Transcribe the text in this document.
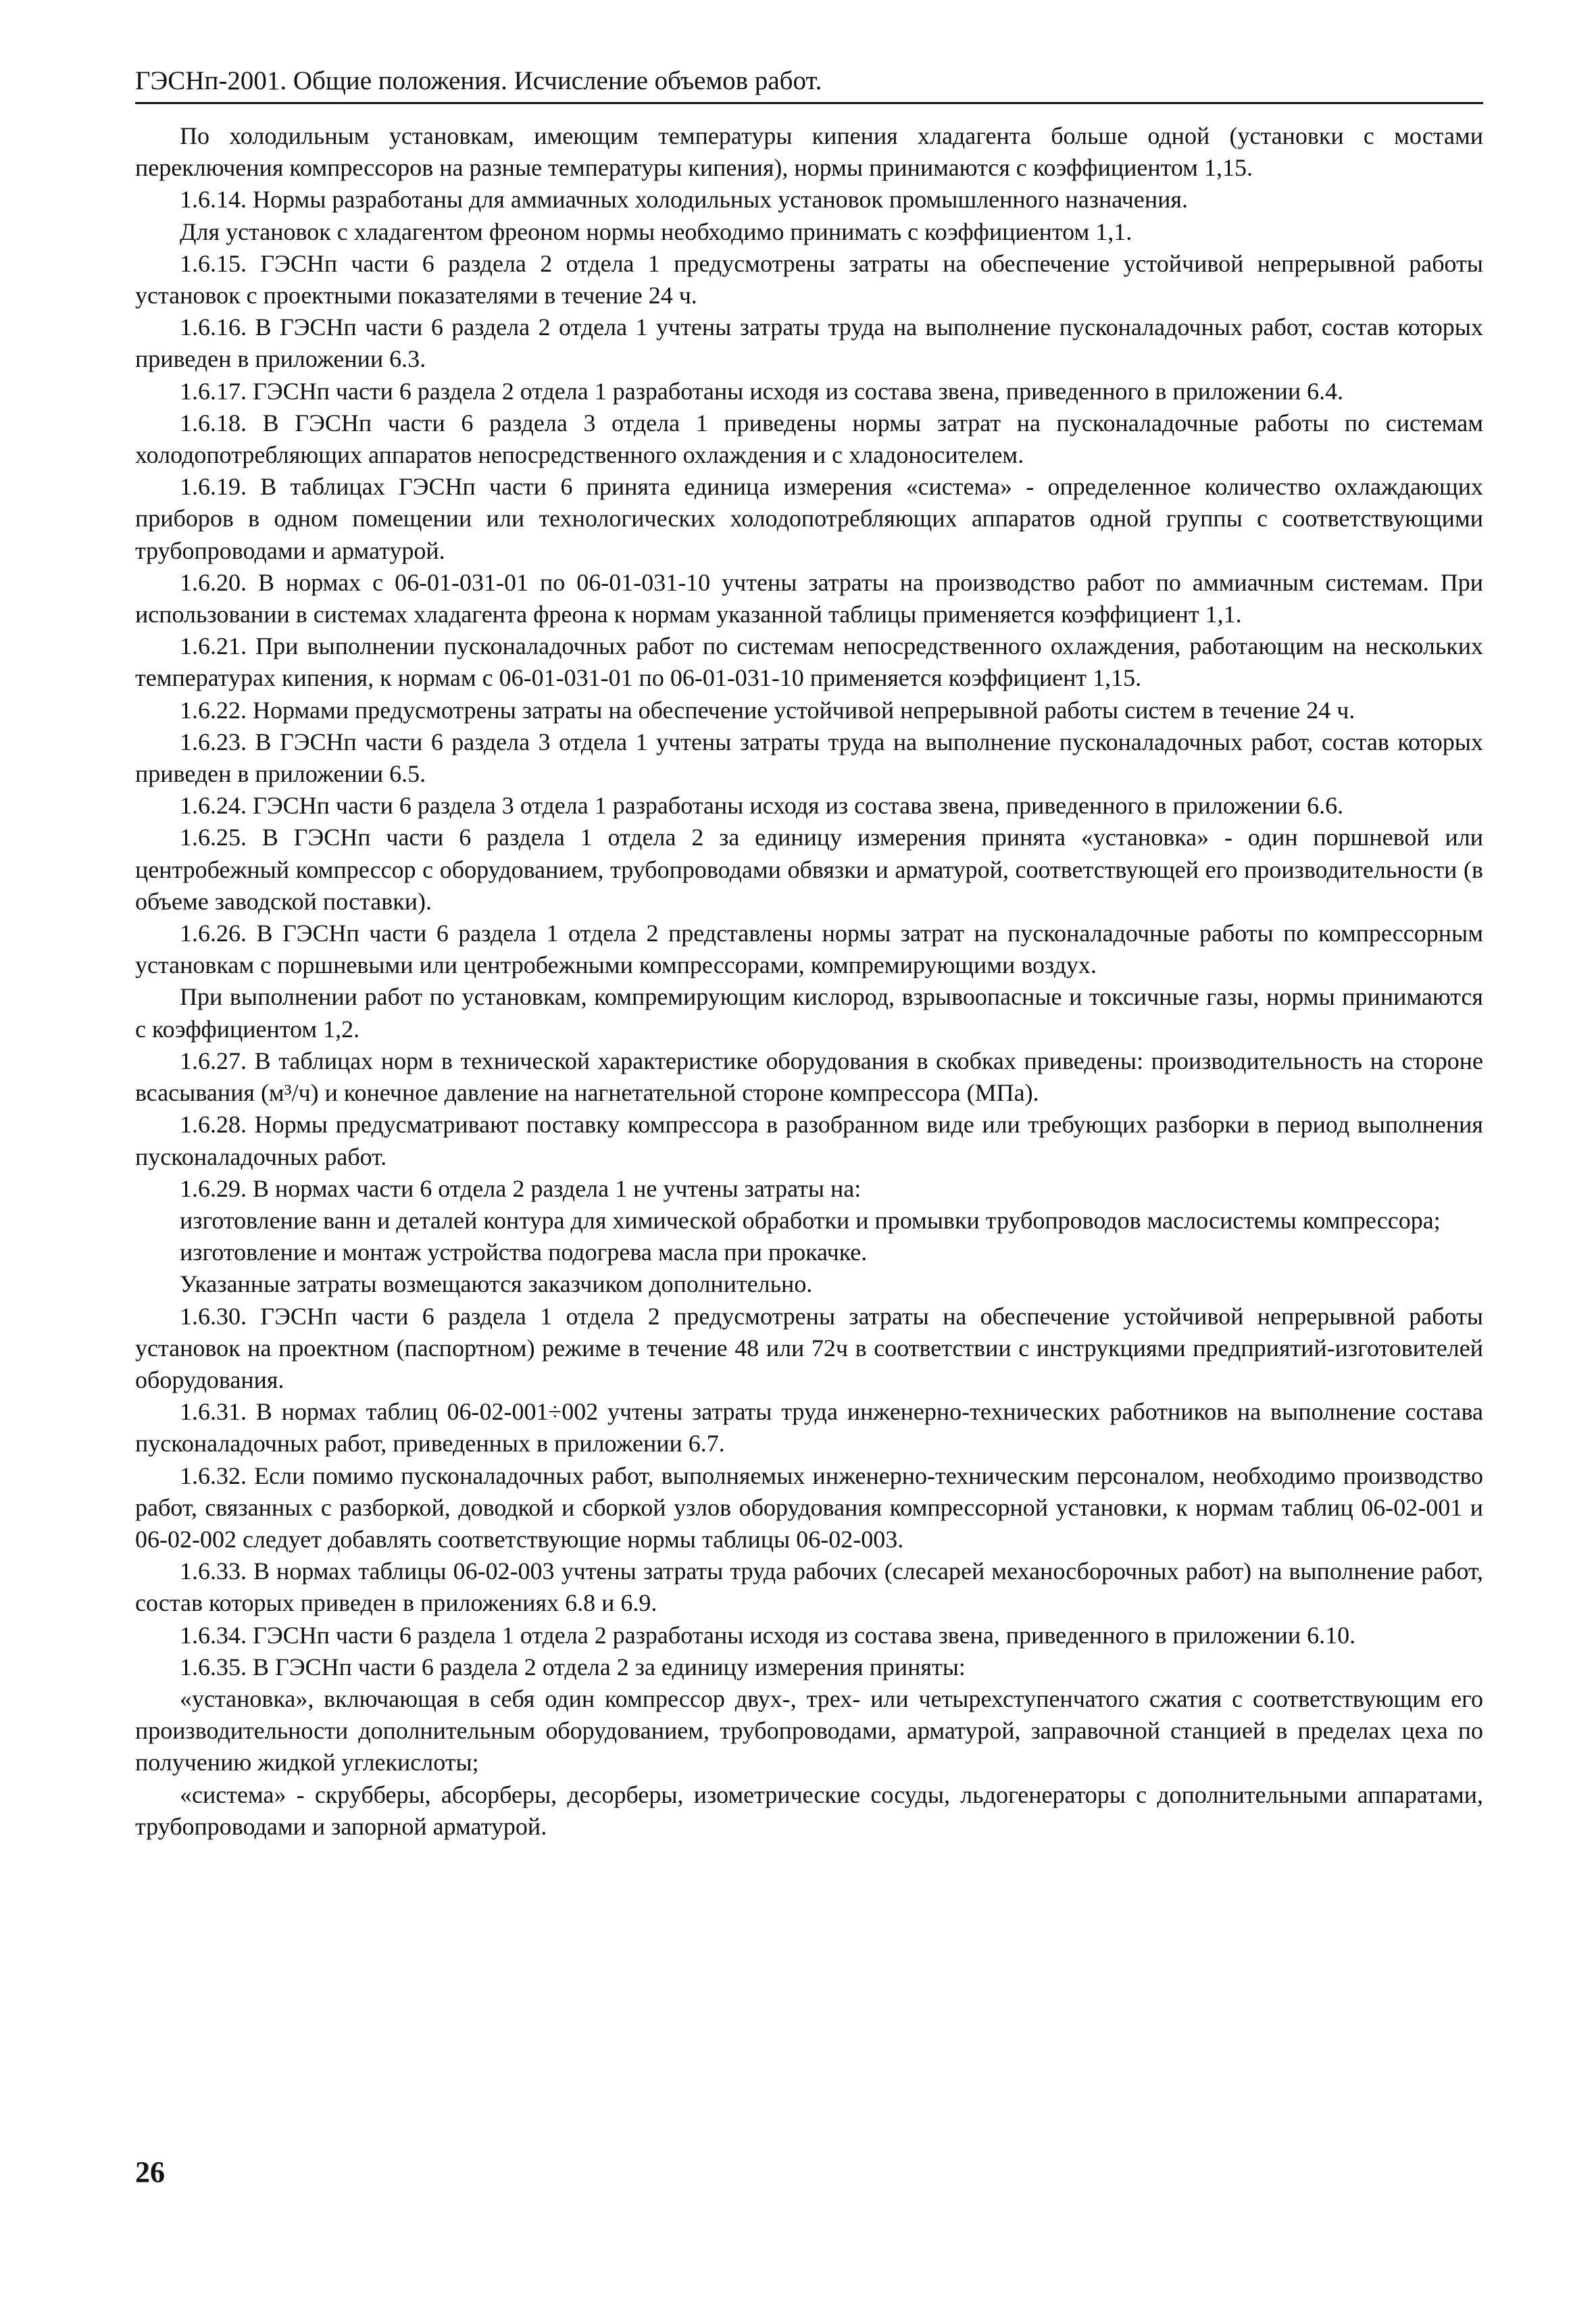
ГЭСНп-2001. Общие положения. Исчисление объемов работ.

По холодильным установкам, имеющим температуры кипения хладагента больше одной (установки с мостами переключения компрессоров на разные температуры кипения), нормы принимаются с коэффициентом 1,15.

1.6.14. Нормы разработаны для аммиачных холодильных установок промышленного назначения.

Для установок с хладагентом фреоном нормы необходимо принимать с коэффициентом 1,1.

1.6.15. ГЭСНп части 6 раздела 2 отдела 1 предусмотрены затраты на обеспечение устойчивой непрерывной работы установок с проектными показателями в течение 24 ч.

1.6.16. В ГЭСНп части 6 раздела 2 отдела 1 учтены затраты труда на выполнение пусконаладочных работ, состав которых приведен в приложении 6.3.

1.6.17. ГЭСНп части 6 раздела 2 отдела 1 разработаны исходя из состава звена, приведенного в приложении 6.4.

1.6.18. В ГЭСНп части 6 раздела 3 отдела 1 приведены нормы затрат на пусконаладочные работы по системам холодопотребляющих аппаратов непосредственного охлаждения и с хладоносителем.

1.6.19. В таблицах ГЭСНп части 6 принята единица измерения «система» - определенное количество охлаждающих приборов в одном помещении или технологических холодопотребляющих аппаратов одной группы с соответствующими трубопроводами и арматурой.

1.6.20. В нормах с 06-01-031-01 по 06-01-031-10 учтены затраты на производство работ по аммиачным системам. При использовании в системах хладагента фреона к нормам указанной таблицы применяется коэффициент 1,1.

1.6.21. При выполнении пусконаладочных работ по системам непосредственного охлаждения, работающим на нескольких температурах кипения, к нормам с 06-01-031-01 по 06-01-031-10 применяется коэффициент 1,15.

1.6.22. Нормами предусмотрены затраты на обеспечение устойчивой непрерывной работы систем в течение 24 ч.

1.6.23. В ГЭСНп части 6 раздела 3 отдела 1 учтены затраты труда на выполнение пусконаладочных работ, состав которых приведен в приложении 6.5.

1.6.24. ГЭСНп части 6 раздела 3 отдела 1 разработаны исходя из состава звена, приведенного в приложении 6.6.

1.6.25. В ГЭСНп части 6 раздела 1 отдела 2 за единицу измерения принята «установка» - один поршневой или центробежный компрессор с оборудованием, трубопроводами обвязки и арматурой, соответствующей его производительности (в объеме заводской поставки).

1.6.26. В ГЭСНп части 6 раздела 1 отдела 2 представлены нормы затрат на пусконаладочные работы по компрессорным установкам с поршневыми или центробежными компрессорами, компремирующими воздух.

При выполнении работ по установкам, компремирующим кислород, взрывоопасные и токсичные газы, нормы принимаются с коэффициентом 1,2.

1.6.27. В таблицах норм в технической характеристике оборудования в скобках приведены: производительность на стороне всасывания (м³/ч) и конечное давление на нагнетательной стороне компрессора (МПа).

1.6.28. Нормы предусматривают поставку компрессора в разобранном виде или требующих разборки в период выполнения пусконаладочных работ.

1.6.29. В нормах части 6 отдела 2 раздела 1 не учтены затраты на:

изготовление ванн и деталей контура для химической обработки и промывки трубопроводов маслосистемы компрессора;

изготовление и монтаж устройства подогрева масла при прокачке.

Указанные затраты возмещаются заказчиком дополнительно.

1.6.30. ГЭСНп части 6 раздела 1 отдела 2 предусмотрены затраты на обеспечение устойчивой непрерывной работы установок на проектном (паспортном) режиме в течение 48 или 72ч в соответствии с инструкциями предприятий-изготовителей оборудования.

1.6.31. В нормах таблиц 06-02-001÷002 учтены затраты труда инженерно-технических работников на выполнение состава пусконаладочных работ, приведенных в приложении 6.7.

1.6.32. Если помимо пусконаладочных работ, выполняемых инженерно-техническим персоналом, необходимо производство работ, связанных с разборкой, доводкой и сборкой узлов оборудования компрессорной установки, к нормам таблиц 06-02-001 и 06-02-002 следует добавлять соответствующие нормы таблицы 06-02-003.

1.6.33. В нормах таблицы 06-02-003 учтены затраты труда рабочих (слесарей механосборочных работ) на выполнение работ, состав которых приведен в приложениях 6.8 и 6.9.

1.6.34. ГЭСНп части 6 раздела 1 отдела 2 разработаны исходя из состава звена, приведенного в приложении 6.10.

1.6.35. В ГЭСНп части 6 раздела 2 отдела 2 за единицу измерения приняты:

«установка», включающая в себя один компрессор двух-, трех- или четырехступенчатого сжатия с соответствующим его производительности дополнительным оборудованием, трубопроводами, арматурой, заправочной станцией в пределах цеха по получению жидкой углекислоты;

«система» - скрубберы, абсорберы, десорберы, изометрические сосуды, льдогенераторы с дополнительными аппаратами, трубопроводами и запорной арматурой.

26
